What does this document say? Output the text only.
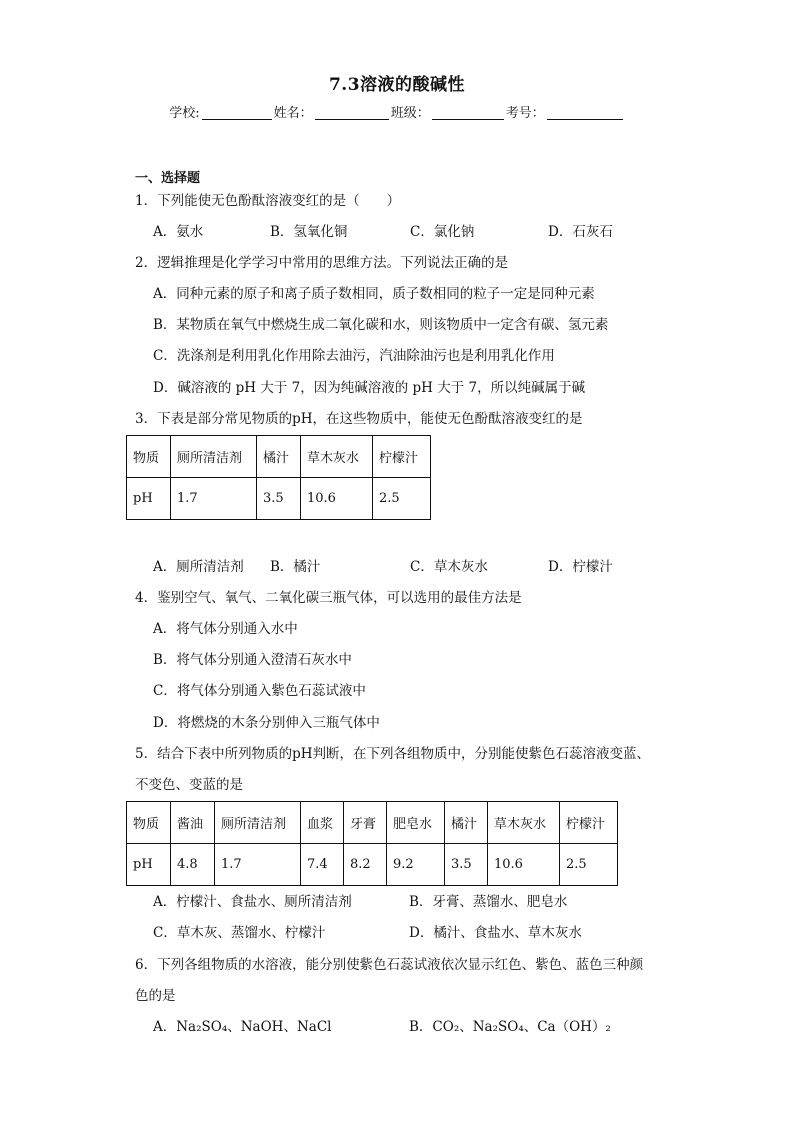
7.3溶液的酸碱性
学校:	姓名：	班级：	考号：
一、选择题
1．下列能使无色酚酞溶液变红的是（　　）
A．氨水	B．氢氧化铜	C．氯化钠	D．石灰石
2．逻辑推理是化学学习中常用的思维方法。下列说法正确的是
A．同种元素的原子和离子质子数相同，质子数相同的粒子一定是同种元素
B．某物质在氧气中燃烧生成二氧化碳和水，则该物质中一定含有碳、氢元素
C．洗涤剂是利用乳化作用除去油污，汽油除油污也是利用乳化作用
D．碱溶液的 pH 大于 7，因为纯碱溶液的 pH 大于 7，所以纯碱属于碱
3．下表是部分常见物质的pH，在这些物质中，能使无色酚酞溶液变红的是
物质	厕所清洁剂	橘汁	草木灰水	柠檬汁
pH	1.7	3.5	10.6	2.5
A．厕所清洁剂	B．橘汁	C．草木灰水	D．柠檬汁
4．鉴别空气、氧气、二氧化碳三瓶气体，可以选用的最佳方法是
A．将气体分别通入水中
B．将气体分别通入澄清石灰水中
C．将气体分别通入紫色石蕊试液中
D．将燃烧的木条分别伸入三瓶气体中
5．结合下表中所列物质的pH判断，在下列各组物质中，分别能使紫色石蕊溶液变蓝、
不变色、变蓝的是
物质	酱油	厕所清洁剂	血浆	牙膏	肥皂水	橘汁	草木灰水	柠檬汁
pH	4.8	1.7	7.4	8.2	9.2	3.5	10.6	2.5
A．柠檬汁、食盐水、厕所清洁剂	B．牙膏、蒸馏水、肥皂水
C．草木灰、蒸馏水、柠檬汁	D．橘汁、食盐水、草木灰水
6．下列各组物质的水溶液，能分别使紫色石蕊试液依次显示红色、紫色、蓝色三种颜
色的是
A．Na₂SO₄、NaOH、NaCl	B．CO₂、Na₂SO₄、Ca（OH）₂
